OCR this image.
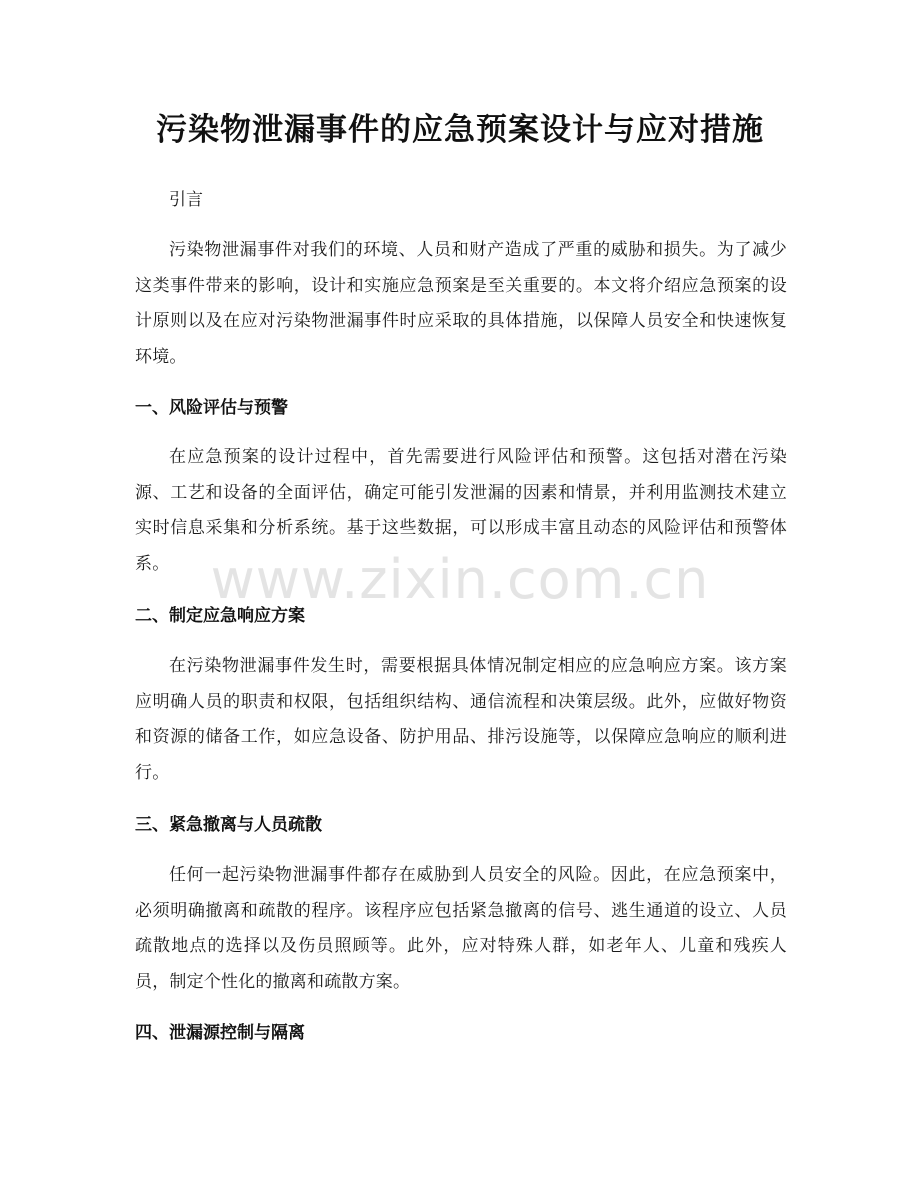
污染物泄漏事件的应急预案设计与应对措施

引言

污染物泄漏事件对我们的环境、人员和财产造成了严重的威胁和损失。为了减少这类事件带来的影响，设计和实施应急预案是至关重要的。本文将介绍应急预案的设计原则以及在应对污染物泄漏事件时应采取的具体措施，以保障人员安全和快速恢复环境。

一、风险评估与预警

在应急预案的设计过程中，首先需要进行风险评估和预警。这包括对潜在污染源、工艺和设备的全面评估，确定可能引发泄漏的因素和情景，并利用监测技术建立实时信息采集和分析系统。基于这些数据，可以形成丰富且动态的风险评估和预警体系。

二、制定应急响应方案

在污染物泄漏事件发生时，需要根据具体情况制定相应的应急响应方案。该方案应明确人员的职责和权限，包括组织结构、通信流程和决策层级。此外，应做好物资和资源的储备工作，如应急设备、防护用品、排污设施等，以保障应急响应的顺利进行。

三、紧急撤离与人员疏散

任何一起污染物泄漏事件都存在威胁到人员安全的风险。因此，在应急预案中，必须明确撤离和疏散的程序。该程序应包括紧急撤离的信号、逃生通道的设立、人员疏散地点的选择以及伤员照顾等。此外，应对特殊人群，如老年人、儿童和残疾人员，制定个性化的撤离和疏散方案。

四、泄漏源控制与隔离
www.zixin.com.cn
